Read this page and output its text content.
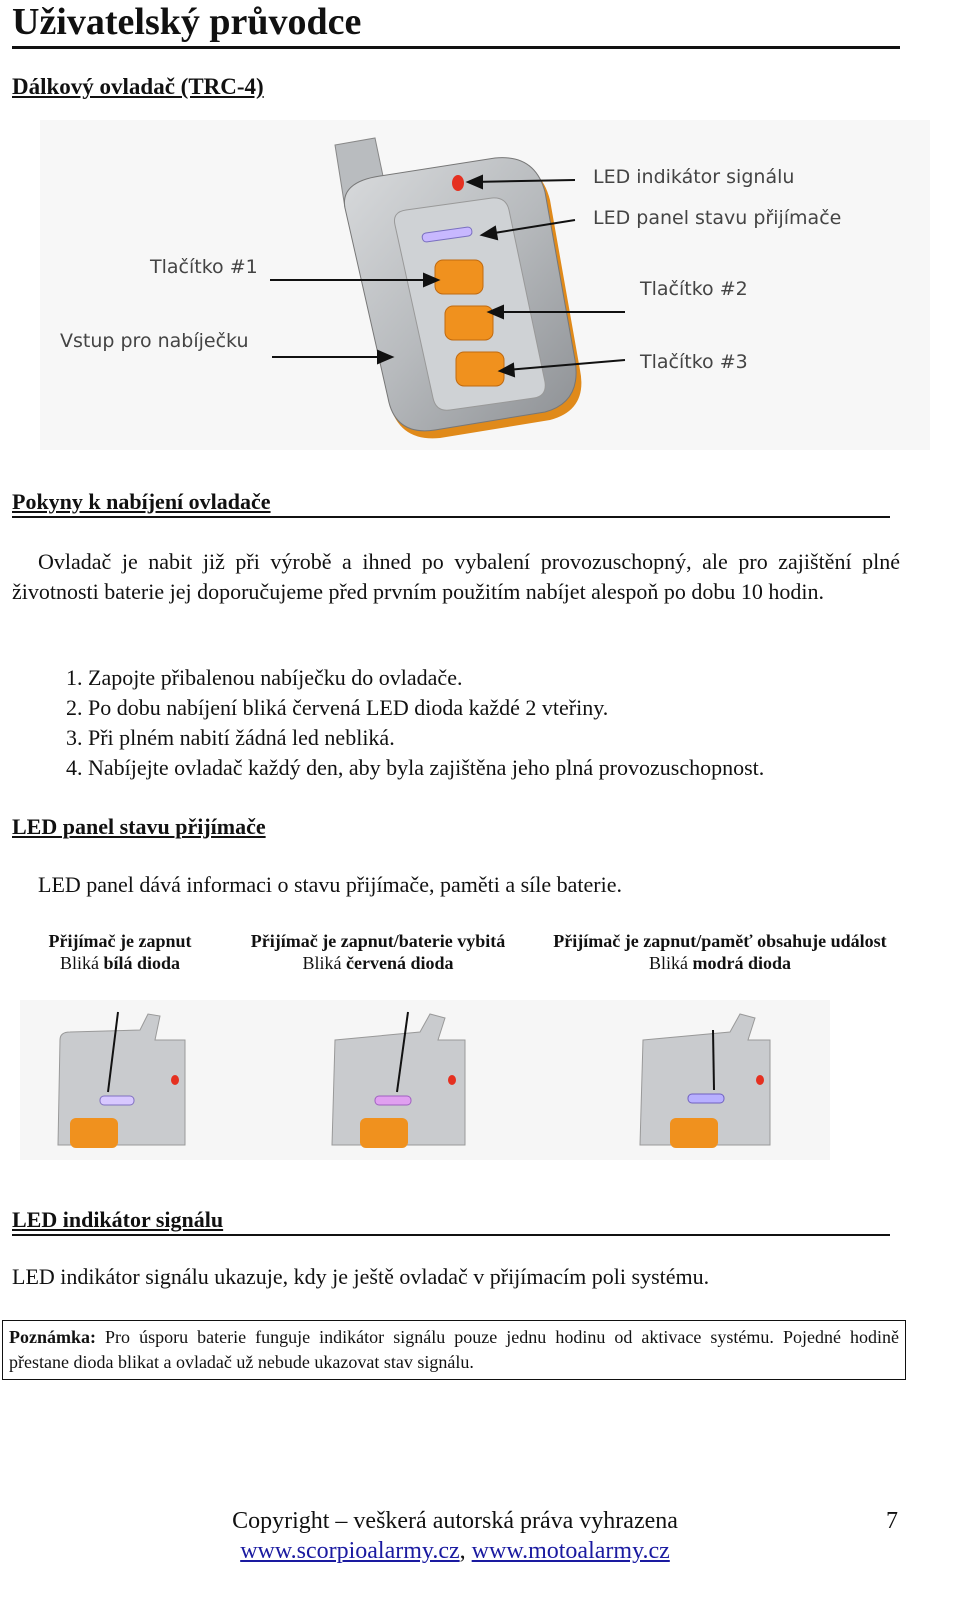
Uživatelský průvodce
Dálkový ovladač (TRC-4)
LED indikátor signálu
LED panel stavu přijímače
Tlačítko #1
Vstup pro nabíječku
Tlačítko #2
Tlačítko #3
Pokyny k nabíjení ovladače
Ovladač je nabit již při výrobě a ihned po vybalení provozuschopný, ale pro zajištění plné životnosti baterie jej doporučujeme před prvním použitím nabíjet alespoň po dobu 10 hodin.
1. Zapojte přibalenou nabíječku do ovladače.
2. Po dobu nabíjení bliká červená LED dioda každé 2 vteřiny.
3. Při plném nabití žádná led nebliká.
4. Nabíjejte ovladač každý den, aby byla zajištěna jeho plná provozuschopnost.
LED panel stavu přijímače
LED panel dává informaci o stavu přijímače, paměti a síle baterie.
Přijímač je zapnut
Bliká bílá dioda
Přijímač je zapnut/baterie vybitá
Bliká červená dioda
Přijímač je zapnut/paměť obsahuje událost
Bliká modrá dioda
LED indikátor signálu
LED indikátor signálu ukazuje, kdy je ještě ovladač v přijímacím poli systému.
Poznámka: Pro úsporu baterie funguje indikátor signálu pouze jednu hodinu od aktivace systému. Pojedné hodině přestane dioda blikat a ovladač už nebude ukazovat stav signálu.
Copyright – veškerá autorská práva vyhrazena
www.scorpioalarmy.cz, www.motoalarmy.cz
7
